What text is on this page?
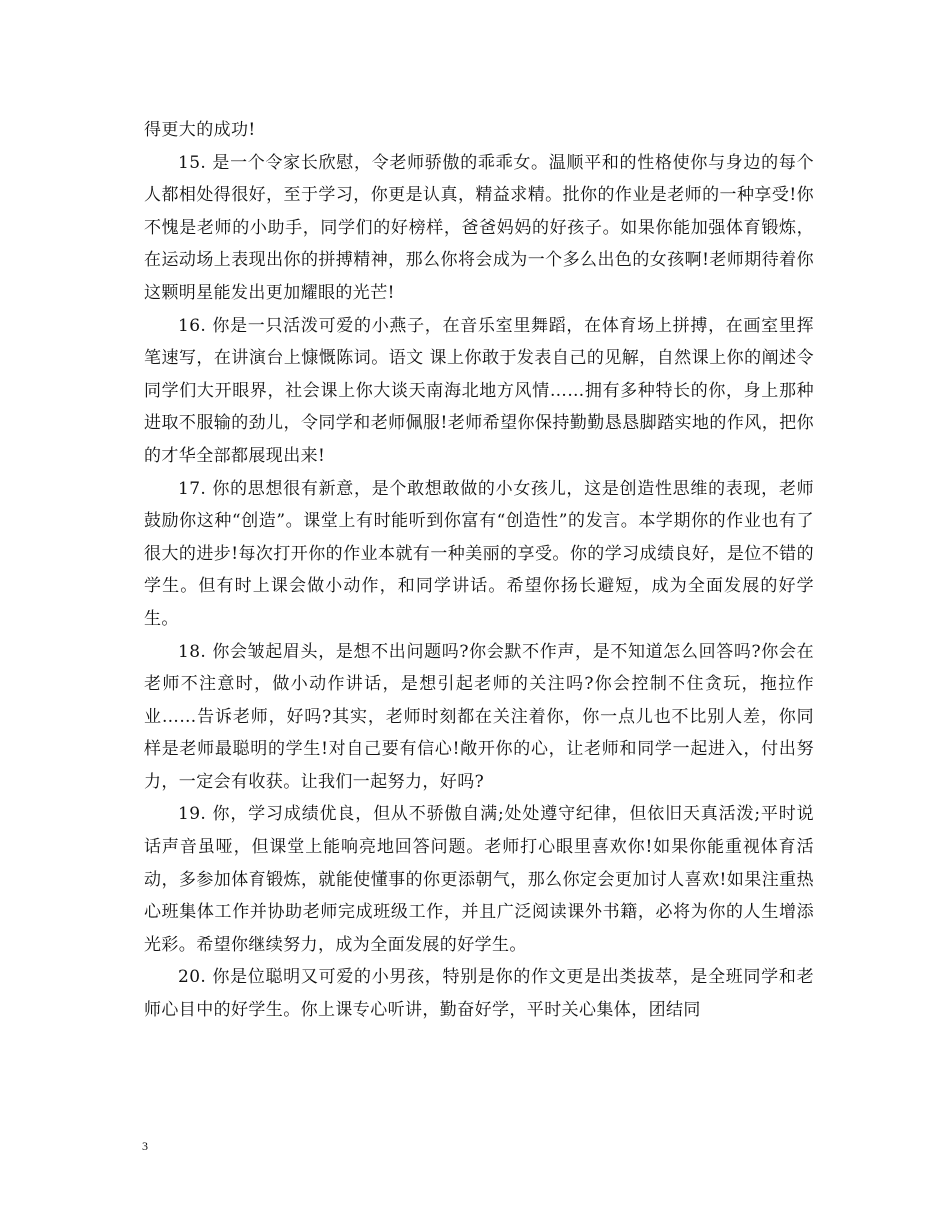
得更大的成功!

15. 是一个令家长欣慰，令老师骄傲的乖乖女。温顺平和的性格使你与身边的每个人都相处得很好，至于学习，你更是认真，精益求精。批你的作业是老师的一种享受!你不愧是老师的小助手，同学们的好榜样，爸爸妈妈的好孩子。如果你能加强体育锻炼，在运动场上表现出你的拼搏精神，那么你将会成为一个多么出色的女孩啊!老师期待着你这颗明星能发出更加耀眼的光芒!

16. 你是一只活泼可爱的小燕子，在音乐室里舞蹈，在体育场上拼搏，在画室里挥笔速写，在讲演台上慷慨陈词。语文 课上你敢于发表自己的见解，自然课上你的阐述令同学们大开眼界，社会课上你大谈天南海北地方风情……拥有多种特长的你，身上那种进取不服输的劲儿，令同学和老师佩服!老师希望你保持勤勤恳恳脚踏实地的作风，把你的才华全部都展现出来!

17. 你的思想很有新意，是个敢想敢做的小女孩儿，这是创造性思维的表现，老师鼓励你这种“创造”。课堂上有时能听到你富有“创造性”的发言。本学期你的作业也有了很大的进步!每次打开你的作业本就有一种美丽的享受。你的学习成绩良好，是位不错的学生。但有时上课会做小动作，和同学讲话。希望你扬长避短，成为全面发展的好学生。

18. 你会皱起眉头，是想不出问题吗?你会默不作声，是不知道怎么回答吗?你会在老师不注意时，做小动作讲话，是想引起老师的关注吗?你会控制不住贪玩，拖拉作业……告诉老师，好吗?其实，老师时刻都在关注着你，你一点儿也不比别人差，你同样是老师最聪明的学生!对自己要有信心!敞开你的心，让老师和同学一起进入，付出努力，一定会有收获。让我们一起努力，好吗?

19. 你，学习成绩优良，但从不骄傲自满;处处遵守纪律，但依旧天真活泼;平时说话声音虽哑，但课堂上能响亮地回答问题。老师打心眼里喜欢你!如果你能重视体育活动，多参加体育锻炼，就能使懂事的你更添朝气，那么你定会更加讨人喜欢!如果注重热心班集体工作并协助老师完成班级工作，并且广泛阅读课外书籍，必将为你的人生增添光彩。希望你继续努力，成为全面发展的好学生。

20. 你是位聪明又可爱的小男孩，特别是你的作文更是出类拔萃，是全班同学和老师心目中的好学生。你上课专心听讲，勤奋好学，平时关心集体，团结同

3
